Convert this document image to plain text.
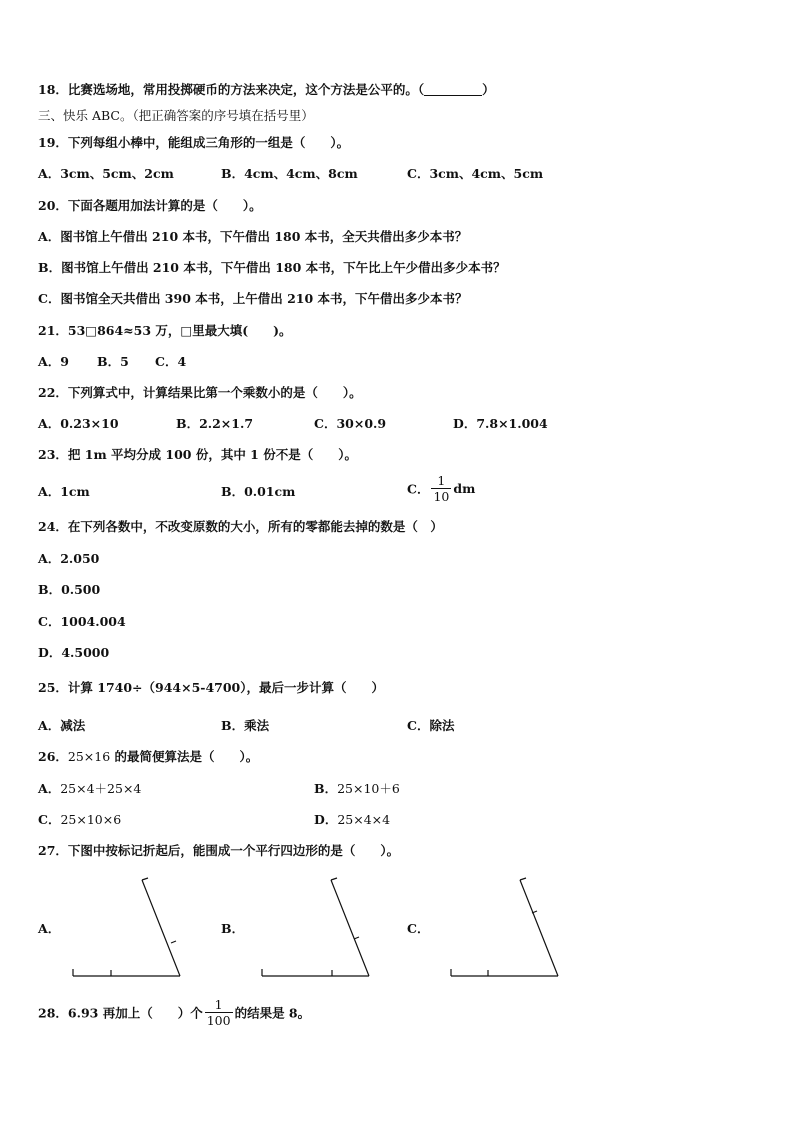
18．比赛选场地，常用投掷硬币的方法来决定，这个方法是公平的。（	）
三、快乐 ABC。（把正确答案的序号填在括号里）
19．下列每组小棒中，能组成三角形的一组是（　　）。
A．3cm、5cm、2cm	B．4cm、4cm、8cm	C．3cm、4cm、5cm
20．下面各题用加法计算的是（　　）。
A．图书馆上午借出 210 本书，下午借出 180 本书，全天共借出多少本书？
B．图书馆上午借出 210 本书，下午借出 180 本书，下午比上午少借出多少本书？
C．图书馆全天共借出 390 本书，上午借出 210 本书，下午借出多少本书？
21．53□864≈53 万，□里最大填(　　)。
A．9 B．5 C．4
22．下列算式中，计算结果比第一个乘数小的是（　　）。
A．0.23×10	B．2.2×1.7	C．30×0.9	D．7.8×1.004
23．把 1m 平均分成 100 份，其中 1 份不是（　　）。
A．1cm	B．0.01cm	C． $\frac{1}{10}$ dm
24．在下列各数中，不改变原数的大小，所有的零都能去掉的数是（　）
A．2.050
B．0.500
C．1004.004
D．4.5000
25．计算 1740÷（944×5-4700），最后一步计算（　　）
A．减法	B．乘法	C．除法
26．25×16 的最简便算法是（　　）。
A．25×4＋25×4	B．25×10＋6
C．25×10×6	D．25×4×4
27．下图中按标记折起后，能围成一个平行四边形的是（　　）。
A．	B．	C．
28．6.93 再加上（　　）个 $\frac{1}{100}$ 的结果是 8。
